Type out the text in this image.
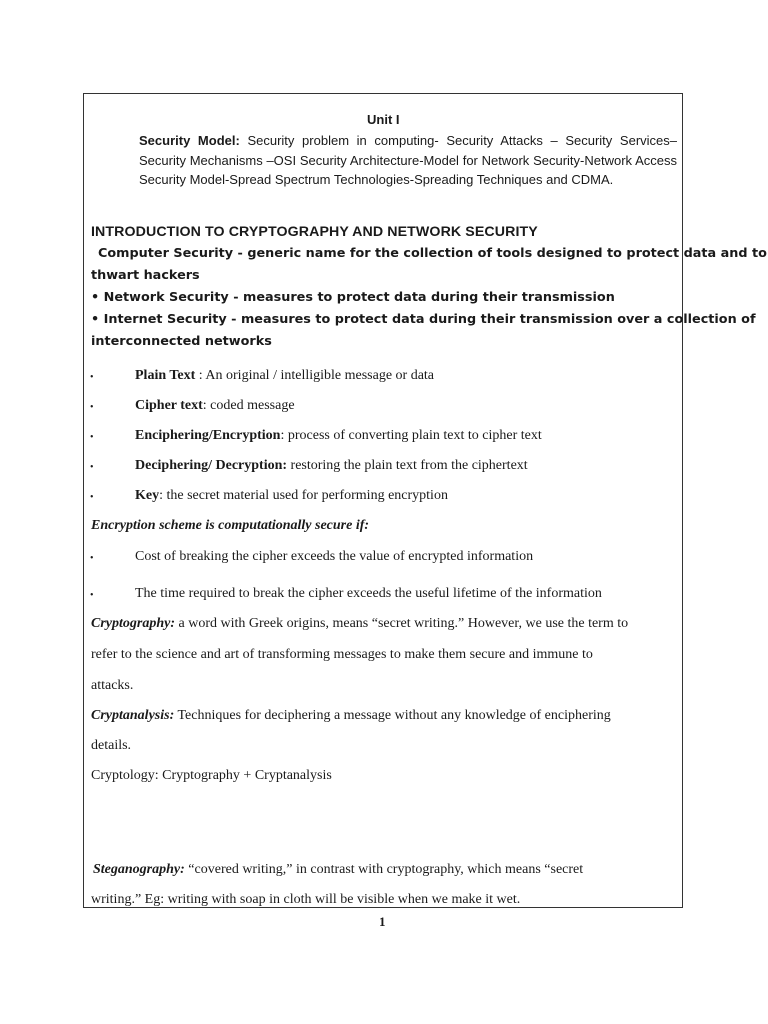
Unit I
Security Model: Security problem in computing- Security Attacks – Security Services– Security Mechanisms –OSI Security Architecture-Model for Network Security-Network Access Security Model-Spread Spectrum Technologies-Spreading Techniques and CDMA.
INTRODUCTION TO CRYPTOGRAPHY AND NETWORK SECURITY
Computer Security - generic name for the collection of tools designed to protect data and to
thwart hackers
• Network Security - measures to protect data during their transmission
• Internet Security - measures to protect data during their transmission over a collection of
interconnected networks
•	Plain Text : An original / intelligible message or data
•	Cipher text: coded message
•	Enciphering/Encryption: process of converting plain text to cipher text
•	Deciphering/ Decryption: restoring the plain text from the ciphertext
•	Key: the secret material used for performing encryption
Encryption scheme is computationally secure if:
•	Cost of breaking the cipher exceeds the value of encrypted information
•	The time required to break the cipher exceeds the useful lifetime of the information
Cryptography: a word with Greek origins, means “secret writing.” However, we use the term to
refer to the science and art of transforming messages to make them secure and immune to
attacks.
Cryptanalysis: Techniques for deciphering a message without any knowledge of enciphering
details.
Cryptology: Cryptography + Cryptanalysis
Steganography: “covered writing,” in contrast with cryptography, which means “secret
writing.” Eg: writing with soap in cloth will be visible when we make it wet.
1
